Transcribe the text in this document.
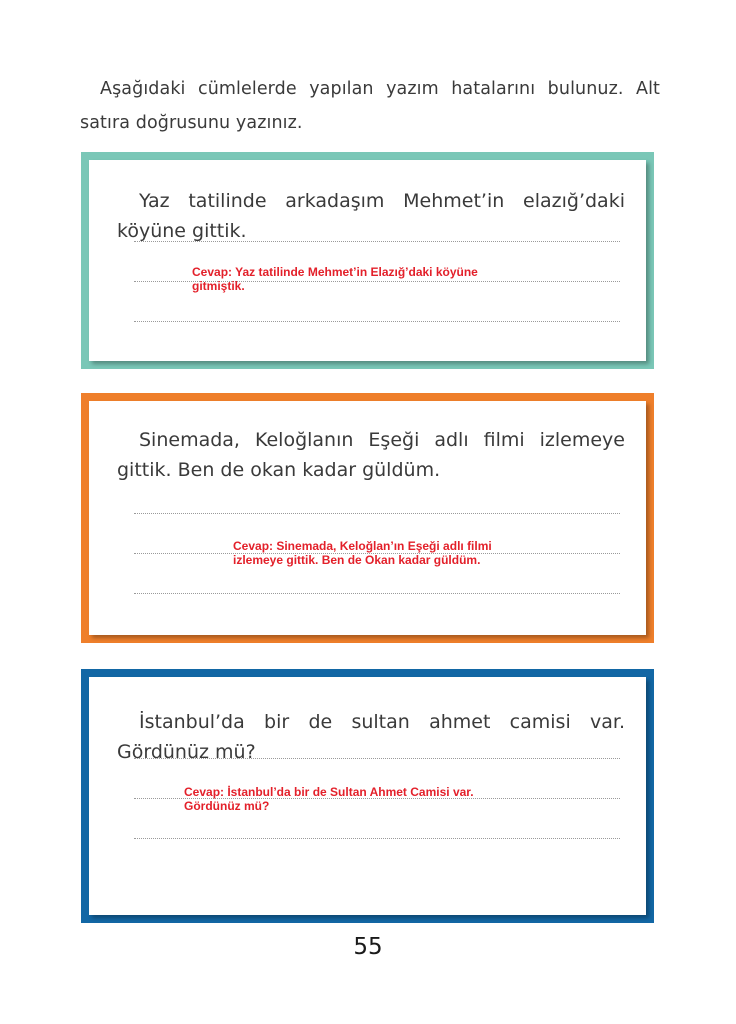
Aşağıdaki cümlelerde yapılan yazım hatalarını bulunuz. Alt satıra doğrusunu yazınız.

Yaz tatilinde arkadaşım Mehmet’in elazığ’daki köyüne gittik.

Cevap: Yaz tatilinde Mehmet’in Elazığ’daki köyüne gitmiştik.

Sinemada, Keloğlanın Eşeği adlı filmi izlemeye gittik. Ben de okan kadar güldüm.

Cevap: Sinemada, Keloğlan’ın Eşeği adlı filmi izlemeye gittik. Ben de Okan kadar güldüm.

İstanbul’da bir de sultan ahmet camisi var. Gördünüz mü?

Cevap: İstanbul’da bir de Sultan Ahmet Camisi var. Gördünüz mü?

55
